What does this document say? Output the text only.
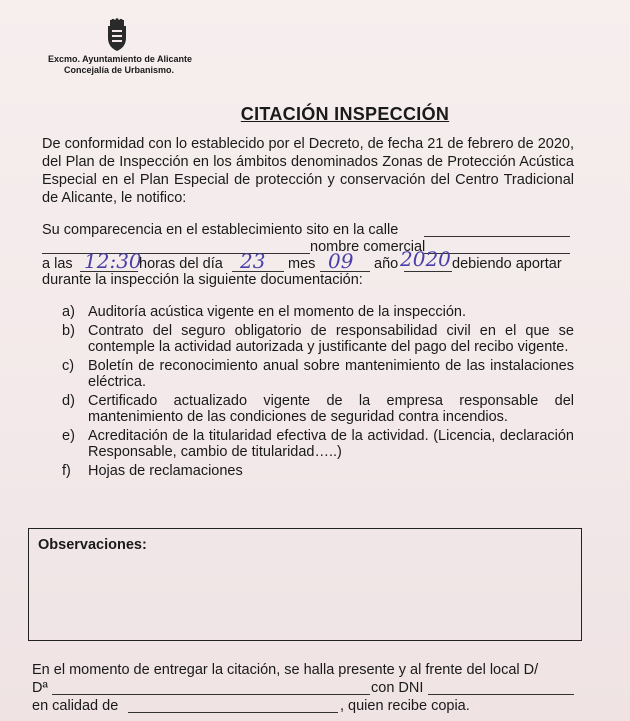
Excmo. Ayuntamiento de Alicante
Concejalía de Urbanismo.
CITACIÓN INSPECCIÓN
De conformidad con lo establecido por el Decreto, de fecha 21 de febrero de 2020, del Plan de Inspección en los ámbitos denominados Zonas de Protección Acústica Especial en el Plan Especial de protección y conservación del Centro Tradicional de Alicante, le notifico:
Su comparecencia en el establecimiento sito en la calle
nombre comercial
a las 12:30
horas del día 23 mes 09 año 2020 debiendo aportar
durante la inspección la siguiente documentación:
a) Auditoría acústica vigente en el momento de la inspección.
b) Contrato del seguro obligatorio de responsabilidad civil en el que se contemple la actividad autorizada y justificante del pago del recibo vigente.
c) Boletín de reconocimiento anual sobre mantenimiento de las instalaciones eléctrica.
d) Certificado actualizado vigente de la empresa responsable del mantenimiento de las condiciones de seguridad contra incendios.
e) Acreditación de la titularidad efectiva de la actividad. (Licencia, declaración Responsable, cambio de titularidad…..)
f)	Hojas de reclamaciones
Observaciones:
En el momento de entregar la citación, se halla presente y al frente del local D/
Dª	con DNI
en calidad de	, quien recibe copia.
